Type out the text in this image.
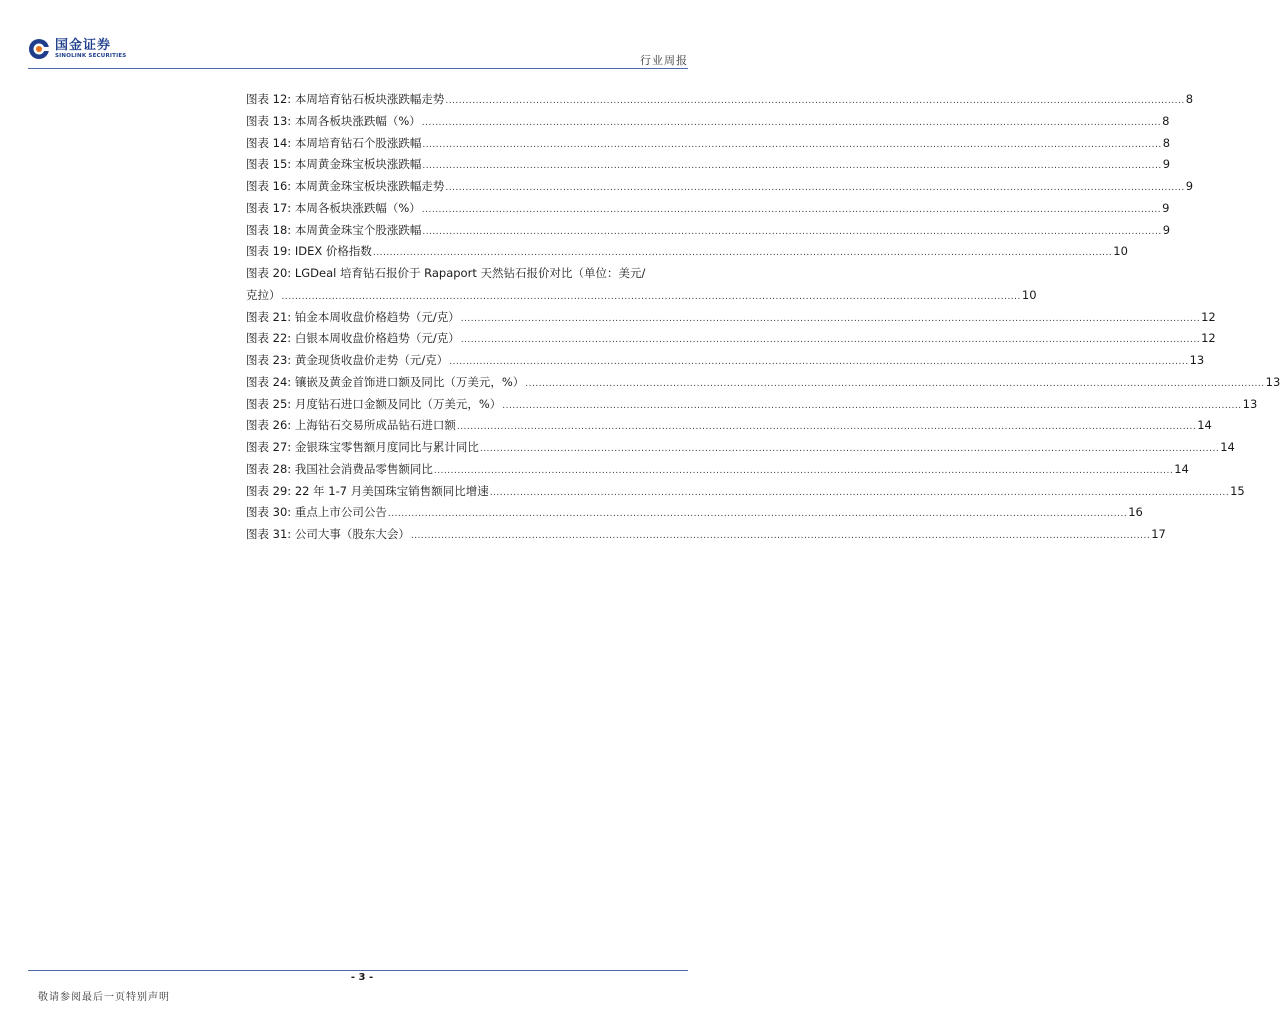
国金证券
SINOLINK SECURITIES	行业周报
图表 12: 本周培育钻石板块涨跌幅走势 ............................................................................................................................................................................................................................ 8
图表 13: 本周各板块涨跌幅（%） ............................................................................................................................................................................................................................ 8
图表 14: 本周培育钻石个股涨跌幅 ............................................................................................................................................................................................................................ 8
图表 15: 本周黄金珠宝板块涨跌幅 ............................................................................................................................................................................................................................ 9
图表 16: 本周黄金珠宝板块涨跌幅走势 ............................................................................................................................................................................................................................ 9
图表 17: 本周各板块涨跌幅（%） ............................................................................................................................................................................................................................ 9
图表 18: 本周黄金珠宝个股涨跌幅 ............................................................................................................................................................................................................................ 9
图表 19: IDEX 价格指数 ............................................................................................................................................................................................................................ 10
图表 20: LGDeal 培育钻石报价于 Rapaport 天然钻石报价对比（单位：美元/
克拉） ............................................................................................................................................................................................................................ 10
图表 21: 铂金本周收盘价格趋势（元/克） ............................................................................................................................................................................................................................ 12
图表 22: 白银本周收盘价格趋势（元/克） ............................................................................................................................................................................................................................ 12
图表 23: 黄金现货收盘价走势（元/克） ............................................................................................................................................................................................................................ 13
图表 24: 镶嵌及黄金首饰进口额及同比（万美元，%） ............................................................................................................................................................................................................................ 13
图表 25: 月度钻石进口金额及同比（万美元，%） ............................................................................................................................................................................................................................ 13
图表 26: 上海钻石交易所成品钻石进口额 ............................................................................................................................................................................................................................ 14
图表 27: 金银珠宝零售额月度同比与累计同比 ............................................................................................................................................................................................................................ 14
图表 28: 我国社会消费品零售额同比 ............................................................................................................................................................................................................................ 14
图表 29: 22 年 1-7 月美国珠宝销售额同比增速 ............................................................................................................................................................................................................................ 15
图表 30: 重点上市公司公告 ............................................................................................................................................................................................................................ 16
图表 31: 公司大事（股东大会） ............................................................................................................................................................................................................................ 17
- 3 -
敬请参阅最后一页特别声明
